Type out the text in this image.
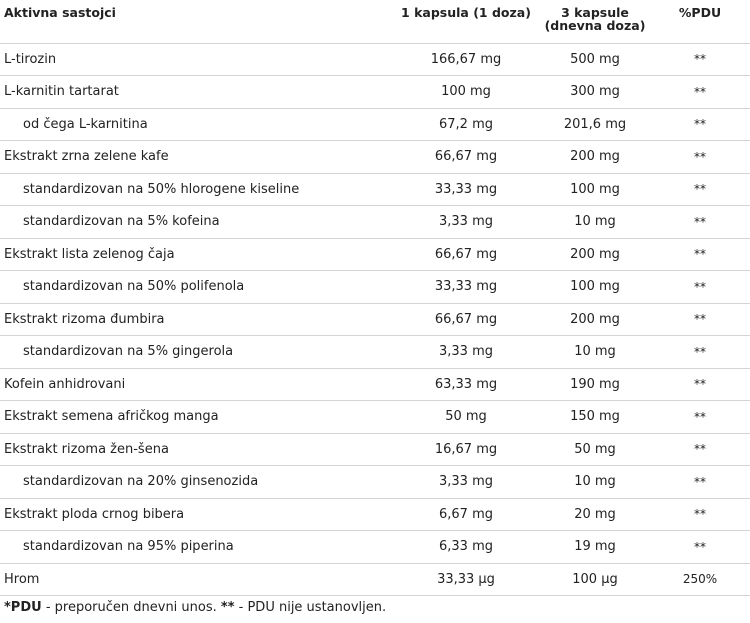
Aktivna sastojci	1 kapsula (1 doza)	3 kapsule (dnevna doza)	%PDU
L-tirozin	166,67 mg	500 mg	**
L-karnitin tartarat	100 mg	300 mg	**
od čega L-karnitina	67,2 mg	201,6 mg	**
Ekstrakt zrna zelene kafe	66,67 mg	200 mg	**
standardizovan na 50% hlorogene kiseline	33,33 mg	100 mg	**
standardizovan na 5% kofeina	3,33 mg	10 mg	**
Ekstrakt lista zelenog čaja	66,67 mg	200 mg	**
standardizovan na 50% polifenola	33,33 mg	100 mg	**
Ekstrakt rizoma đumbira	66,67 mg	200 mg	**
standardizovan na 5% gingerola	3,33 mg	10 mg	**
Kofein anhidrovani	63,33 mg	190 mg	**
Ekstrakt semena afričkog manga	50 mg	150 mg	**
Ekstrakt rizoma žen-šena	16,67 mg	50 mg	**
standardizovan na 20% ginsenozida	3,33 mg	10 mg	**
Ekstrakt ploda crnog bibera	6,67 mg	20 mg	**
standardizovan na 95% piperina	6,33 mg	19 mg	**
Hrom	33,33 µg	100 µg	250%
*PDU - preporučen dnevni unos. ** - PDU nije ustanovljen.
